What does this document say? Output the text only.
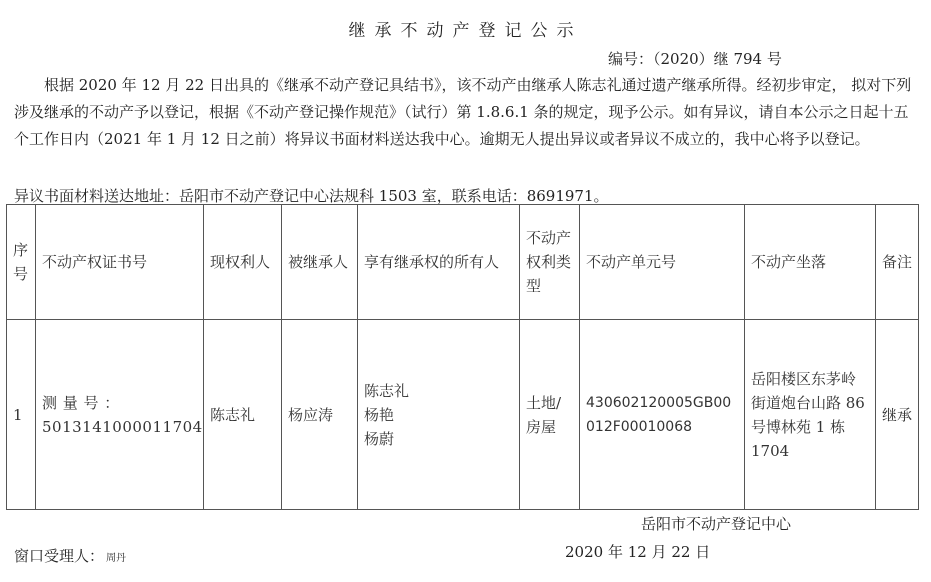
继承不动产登记公示
编号：（2020）继 794 号

根据 2020 年 12 月 22 日出具的《继承不动产登记具结书》，该不动产由继承人陈志礼通过遗产继承所得。经初步审定， 拟对下列涉及继承的不动产予以登记，根据《不动产登记操作规范》（试行）第 1.8.6.1 条的规定，现予公示。如有异议，请自本公示之日起十五个工作日内（2021 年 1 月 12 日之前）将异议书面材料送达我中心。逾期无人提出异议或者异议不成立的，我中心将予以登记。

异议书面材料送达地址：岳阳市不动产登记中心法规科 1503 室，联系电话：8691971。
序号	不动产权证书号	现权利人	被继承人	享有继承权的所有人	不动产权利类型	不动产单元号	不动产坐落	备注
1	测 量 号 ：5013141000011704	陈志礼	杨应涛	陈志礼
杨艳
杨蔚	土地/房屋	430602120005GB00012F00010068	岳阳楼区东茅岭街道炮台山路 86 号博林苑 1 栋 1704	继承
岳阳市不动产登记中心
窗口受理人： 周丹	2020 年 12 月 22 日
